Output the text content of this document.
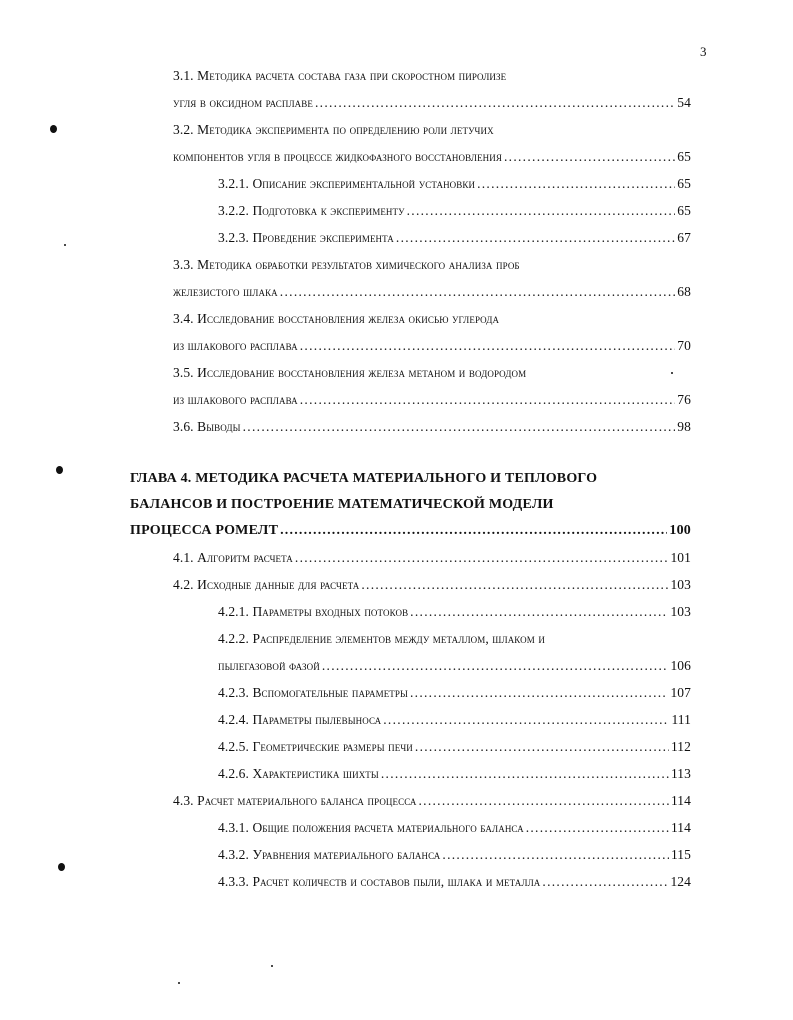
3
3.1. Методика расчета состава газа при скоростном пиролизе
угля в оксидном расплаве .....	54
3.2. Методика эксперимента по определению роли летучих
компонентов угля в процессе жидкофазного восстановления .....	65
3.2.1. Описание экспериментальной установки .....	65
3.2.2. Подготовка к эксперименту .....	65
3.2.3. Проведение эксперимента .....	67
3.3. Методика обработки результатов химического анализа проб
железистого шлака .....	68
3.4. Исследование восстановления железа окисью углерода
из шлакового расплава .....	70
3.5. Исследование восстановления железа метаном и водородом
из шлакового расплава .....	76
3.6. Выводы .....	98
ГЛАВА 4. МЕТОДИКА РАСЧЕТА МАТЕРИАЛЬНОГО И ТЕПЛОВОГО
БАЛАНСОВ И ПОСТРОЕНИЕ МАТЕМАТИЧЕСКОЙ МОДЕЛИ
ПРОЦЕССА РОМЕЛТ .....	100
4.1. Алгоритм расчета .....	101
4.2. Исходные данные для расчета .....	103
4.2.1. Параметры входных потоков .....	103
4.2.2. Распределение элементов между металлом, шлаком и
пылегазовой фазой .....	106
4.2.3. Вспомогательные параметры .....	107
4.2.4. Параметры пылевыноса .....	111
4.2.5. Геометрические размеры печи .....	112
4.2.6. Характеристика шихты .....	113
4.3. Расчет материального баланса процесса .....	114
4.3.1. Общие положения расчета материального баланса .....	114
4.3.2. Уравнения материального баланса .....	115
4.3.3. Расчет количеств и составов пыли, шлака и металла .....	124
